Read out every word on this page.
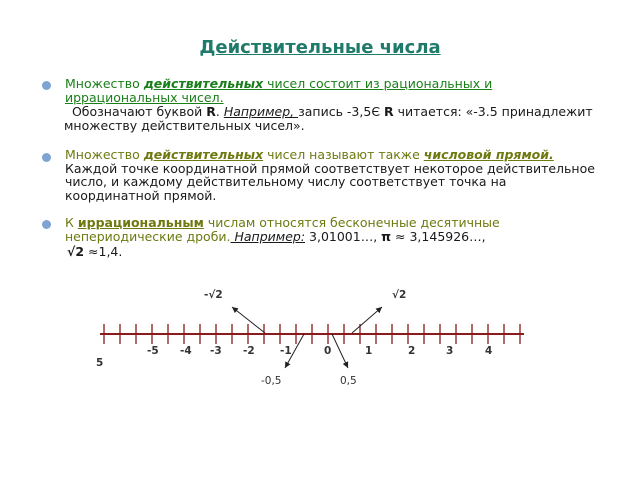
Действительные числа
Множество действительных чисел состоит из рациональных и иррациональных чисел.
Обозначают буквой R. Например, запись -3,5Є R читается: «-3.5 принадлежит множеству действительных чисел».
Множество действительных чисел называют также числовой прямой. Каждой точке координатной прямой соответствует некоторое действительное число, и каждому действительному числу соответствует точка на координатной прямой.
К иррациональным числам относятся бесконечные десятичные непериодические дроби. Например: 3,01001…, π ≈ 3,145926…,
√2 ≈1,4.
-√2	√2
-5 -4 -3 -2 -1	0	1	2	3	4
5
-0,5	0,5
